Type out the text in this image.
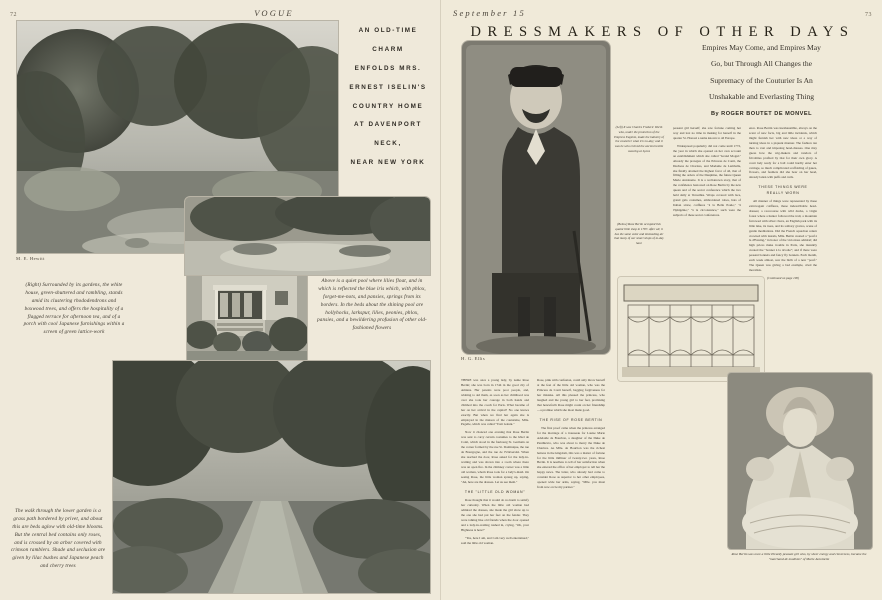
72	VOGUE
M. E. Hewitt
AN OLD-TIME CHARM
ENFOLDS MRS.
ERNEST ISELIN'S
COUNTRY HOME
AT DAVENPORT NECK,
NEAR NEW YORK
(Right) Surrounded by its gardens, the white house, green-shuttered and rambling, stands amid its clustering rhododendrons and boxwood trees, and offers the hospitality of a flagged terrace for afternoon tea, and of a porch with cool Japanese furnishings within a screen of green lattice-work
Above is a quiet pool where lilies float, and in which is reflected the blue iris which, with phlox, forget-me-nots, and pansies, springs from its borders. In the beds about the shining pool are hollyhocks, larkspur, lilies, peonies, phlox, pansies, and a bewildering profusion of other old-fashioned flowers
The walk through the lower garden is a grass path bordered by privet, and about this are beds aglow with old-time blooms. But the central bed contains only roses, and is crossed by an arbor covered with crimson ramblers. Shade and seclusion are given by lilac bushes and Japanese peach and cherry trees
September 15	73
DRESSMAKERS OF OTHER DAYS
Empires May Come, and Empires May
Go, but Through All Changes the
Supremacy of the Couturier Is An
Unshakable and Everlasting Thing
By ROGER BOUTET DE MONVEL
H. G. Ellis
(Left) It was Charles Frederic Worth who, under the protection of the Empress Eugénie, made the industry of the couturier what it is to-day; and it was he who revived the ancient textile weaving at Lyons
(Below) Rose Bertin occupied this quaint little shop in 1787. After all, it has the same valor and misleading air that many of our smart shops of to-day have
Rose Bertin was once a little Picardy peasant girl who, by sheer energy and cleverness, became the "marchand de modistes" of Marie Antoinette

THERE was once a young lady, by name Rose Bertin; she was born in 1744 in the good city of Amiens. Her parents were poor people, and, wishing to aid them, as soon as her childhood was over she took her courage in both hands and climbed into the coach for Paris. What became of her on her arrival in the capital? No one knows exactly. But when we find her again she is employed in the maison of the couturière, Mlle. Pagelle, which was called "Trait Galant."

Now it chanced one evening that Rose Bertin was sent to carry certain costumes to the hôtel de Conti, which stood in the faubourg St. Germain on the corner formed by the rue St. Dominique, the rue de Bourgogne, and the rue de l'Université. When she reached the door, Rose asked for the lady-in-waiting and was shown into a room where there was an open fire. In the chimney corner was a little old woman, whom Rose took for a lady's-maid. On seeing Rose, the little woman sprang up, saying, "Ah, here are the dresses. Let us see them."

THE "LITTLE OLD WOMAN"

Rose thought that it would do no harm to satisfy her curiosity. When the little old woman had admired the dresses, she made the girl show up to the one she had put her feet on the fender. They were talking like old friends when the door opened and a lady-in-waiting rushed in, crying, "Oh, your Highness is here!"

"Yes, here I am, and I am very well entertained," said the little old woman.

Rose, pink with confusion, could only throw herself at the feet of the little old woman, who was the Princess de Conti herself, begging forgiveness for her mistake. All this pleased the princess, who laughed and the young girl to her feet, promising that henceforth Rose might count on her friendship—a promise which she most made good.

THE RISE OF ROSE BERTIN

The first proof came when the princess arranged for the marriage of a trousseau for Louise Marie Adelaide de Bourbon, a daughter of the Duke de Penthièvre, who was about to marry the Duke de Chartres. As Mlle. de Bourbon was the richest heiress in the kingdom, this was a matter of fortune for the little milliner of twenty-two years, Rose Bertin. It is needless to tell of her satisfaction when she entered the office of her employer to tell her the happy news. The latter, who already had come to consider Rose as superior to her other employees, opened wide her arms, saying, "Mlle. you must from now on be my partner."

peasant girl herself; she saw fortune coming her way and lost no time in making for herself in the quarter St. Honoré a name known to all Europe.

Widespread popularity did not come until 1772, the year in which she opened on her own account an establishment which she called "Grand Mogul." Already the protegée of the Princess de Conti, the Duchess de Chartres, and Madame de Lamballe, she finally attained the highest favor of all, that of filling the orders of the Dauphine, the future Queen Marie Antoinette. It is a well-known story, that of the confidence bestowed on Rose Bertin by the new queen and of the secret conference which the two held daily at Versailles. Wraps covered with lace, grand gala costumes, embroidered robes, hats of Italian straw, coiffures "à la Belle Poule," "à l'Iphigénie," "à la circonstance," such were the subjects of these secret conferences.

ence. Rose Bertin was inexhaustible, always on the scent of new facts, big and little incidents, which might furnish her with new ideas or a way of turning ideas in a piquant manner. The fashion ran then to vast and imposing head-dresses. One may guess how the wig-makers and vendors of frivolities profited by that for their own glory. A court lady ready for a ball could hardly enter her carriage, so much complicated scaffolding of gauze, flowers, and feathers did she bear on her head, already laden with puffs and curls.

THESE THINGS WERE REALLY WORN

All manner of things were represented by these extravagant coiffures, these indescribable head-dresses; a racecourse with wild ducks, a virgin forest where a hunter followed the trail, a mountain furrowed with silver rivers, an English park with its little lake, its trees, and its solitary grottos, scene of gentle meditations. Did the French squadron return crowned with laurels, Mlle. Bertin created a "pouf à la d'Estaing," in honor of the victorious admiral; did high prices make trouble in Paris, she instantly created the "bonnet à la révolte"; and if there were peasant bonnets and fancy fly bonnets. Each month, each week almost, saw the birth of a new "pouf." The Queen was giving a bad example, cried the moralists.

(Continued on page 190)
